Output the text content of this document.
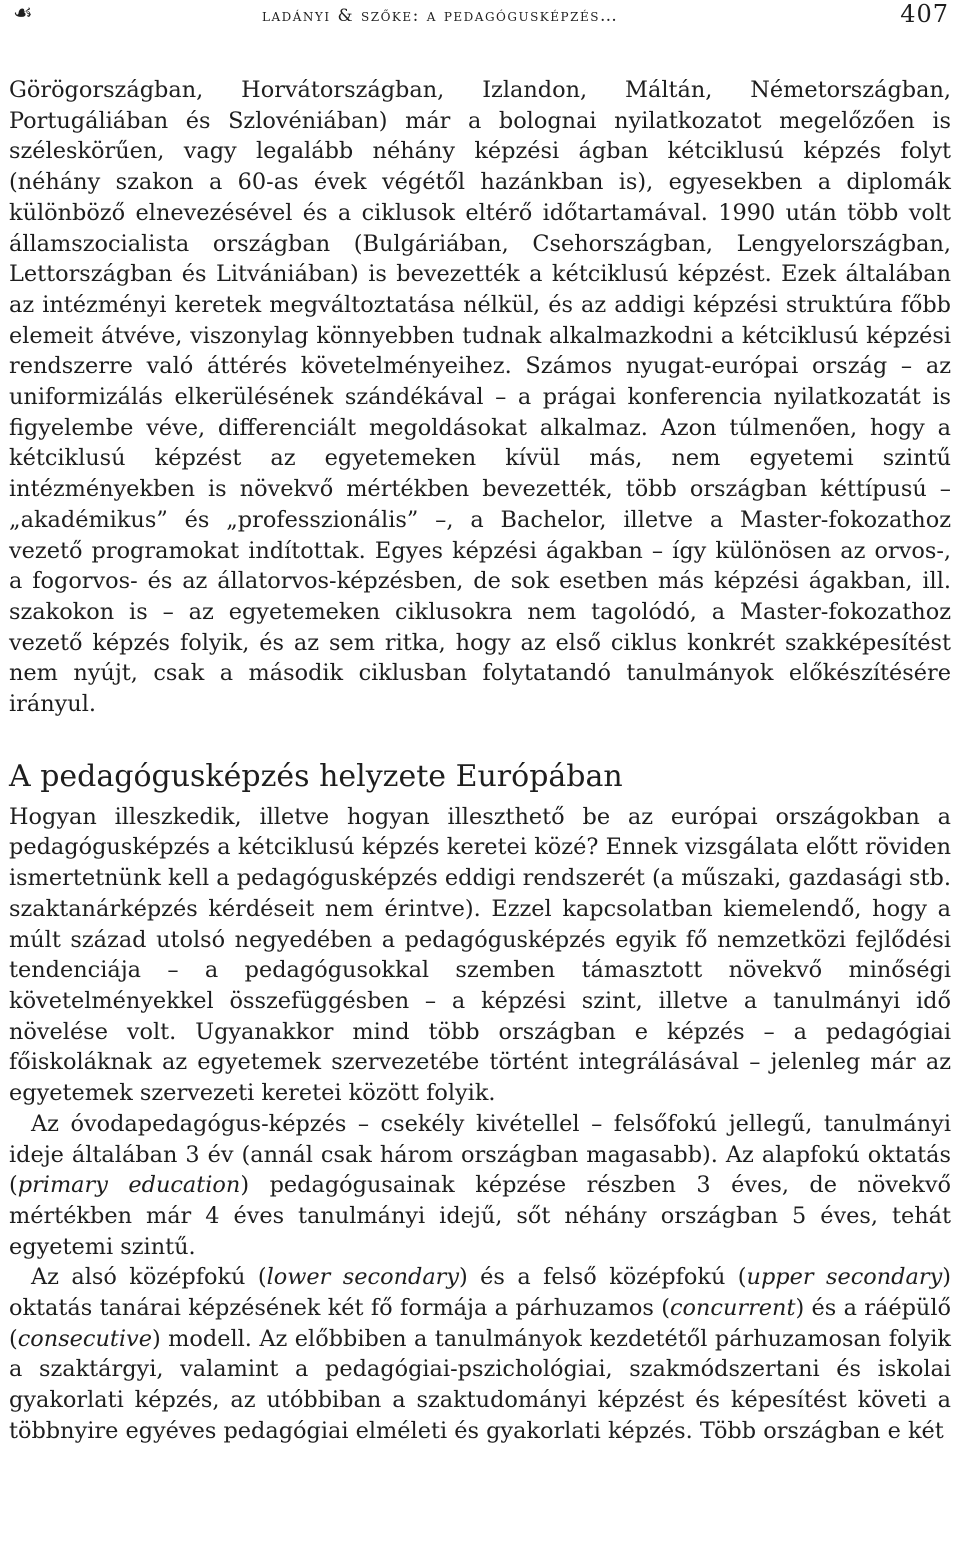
☙	ladányi & szőke: a pedagógusképzés…	407

Görögországban, Horvátországban, Izlandon, Máltán, Németországban, Portugáliában és Szlovéniában) már a bolognai nyilatkozatot megelőzően is széleskörűen, vagy legalább néhány képzési ágban kétciklusú képzés folyt (néhány szakon a 60-as évek végétől hazánkban is), egyesekben a diplomák különböző elnevezésével és a ciklusok eltérő időtartamával. 1990 után több volt államszocialista országban (Bulgáriában, Csehországban, Lengyelországban, Lettországban és Litvániában) is bevezették a kétciklusú képzést. Ezek általában az intézményi keretek megváltoztatása nélkül, és az addigi képzési struktúra főbb elemeit átvéve, viszonylag könnyebben tudnak alkalmazkodni a kétciklusú képzési rendszerre való áttérés követelményeihez. Számos nyugat-európai ország – az uniformizálás elkerülésének szándékával – a prágai konferencia nyilatkozatát is figyelembe véve, differenciált megoldásokat alkalmaz. Azon túlmenően, hogy a kétciklusú képzést az egyetemeken kívül más, nem egyetemi szintű intézményekben is növekvő mértékben bevezették, több országban kéttípusú – „akadémikus” és „professzionális” –, a Bachelor, illetve a Master-fokozathoz vezető programokat indítottak. Egyes képzési ágakban – így különösen az orvos-, a fogorvos- és az állatorvos-képzésben, de sok esetben más képzési ágakban, ill. szakokon is – az egyetemeken ciklusokra nem tagolódó, a Master-fokozathoz vezető képzés folyik, és az sem ritka, hogy az első ciklus konkrét szakképesítést nem nyújt, csak a második ciklusban folytatandó tanulmányok előkészítésére irányul.

A pedagógusképzés helyzete Európában

Hogyan illeszkedik, illetve hogyan illeszthető be az európai országokban a pedagógusképzés a kétciklusú képzés keretei közé? Ennek vizsgálata előtt röviden ismertetnünk kell a pedagógusképzés eddigi rendszerét (a műszaki, gazdasági stb. szaktanárképzés kérdéseit nem érintve). Ezzel kapcsolatban kiemelendő, hogy a múlt század utolsó negyedében a pedagógusképzés egyik fő nemzetközi fejlődési tendenciája – a pedagógusokkal szemben támasztott növekvő minőségi követelményekkel összefüggésben – a képzési szint, illetve a tanulmányi idő növelése volt. Ugyanakkor mind több országban e képzés – a pedagógiai főiskoláknak az egyetemek szervezetébe történt integrálásával – jelenleg már az egyetemek szervezeti keretei között folyik.

Az óvodapedagógus-képzés – csekély kivétellel – felsőfokú jellegű, tanulmányi ideje általában 3 év (annál csak három országban magasabb). Az alapfokú oktatás (primary education) pedagógusainak képzése részben 3 éves, de növekvő mértékben már 4 éves tanulmányi idejű, sőt néhány országban 5 éves, tehát egyetemi szintű.

Az alsó középfokú (lower secondary) és a felső középfokú (upper secondary) oktatás tanárai képzésének két fő formája a párhuzamos (concurrent) és a ráépülő (consecutive) modell. Az előbbiben a tanulmányok kezdetétől párhuzamosan folyik a szaktárgyi, valamint a pedagógiai-pszichológiai, szakmódszertani és iskolai gyakorlati képzés, az utóbbiban a szaktudományi képzést és képesítést követi a többnyire egyéves pedagógiai elméleti és gyakorlati képzés. Több országban e két
